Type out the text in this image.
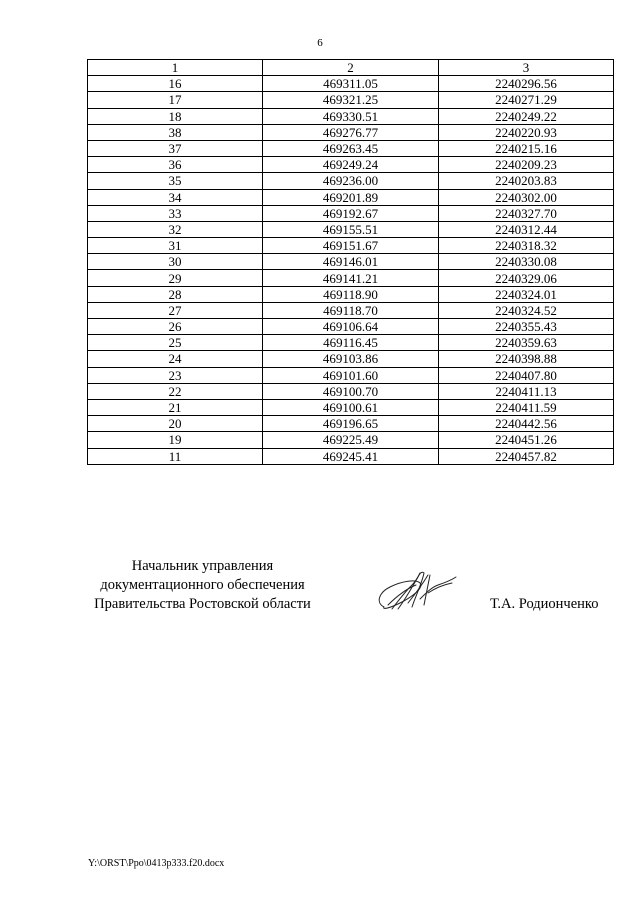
6
1	2	3
16	469311.05	2240296.56
17	469321.25	2240271.29
18	469330.51	2240249.22
38	469276.77	2240220.93
37	469263.45	2240215.16
36	469249.24	2240209.23
35	469236.00	2240203.83
34	469201.89	2240302.00
33	469192.67	2240327.70
32	469155.51	2240312.44
31	469151.67	2240318.32
30	469146.01	2240330.08
29	469141.21	2240329.06
28	469118.90	2240324.01
27	469118.70	2240324.52
26	469106.64	2240355.43
25	469116.45	2240359.63
24	469103.86	2240398.88
23	469101.60	2240407.80
22	469100.70	2240411.13
21	469100.61	2240411.59
20	469196.65	2240442.56
19	469225.49	2240451.26
11	469245.41	2240457.82
Начальник управления
документационного обеспечения
Правительства Ростовской области	Т.А. Родионченко
Y:\ORST\Ppo\0413p333.f20.docx
